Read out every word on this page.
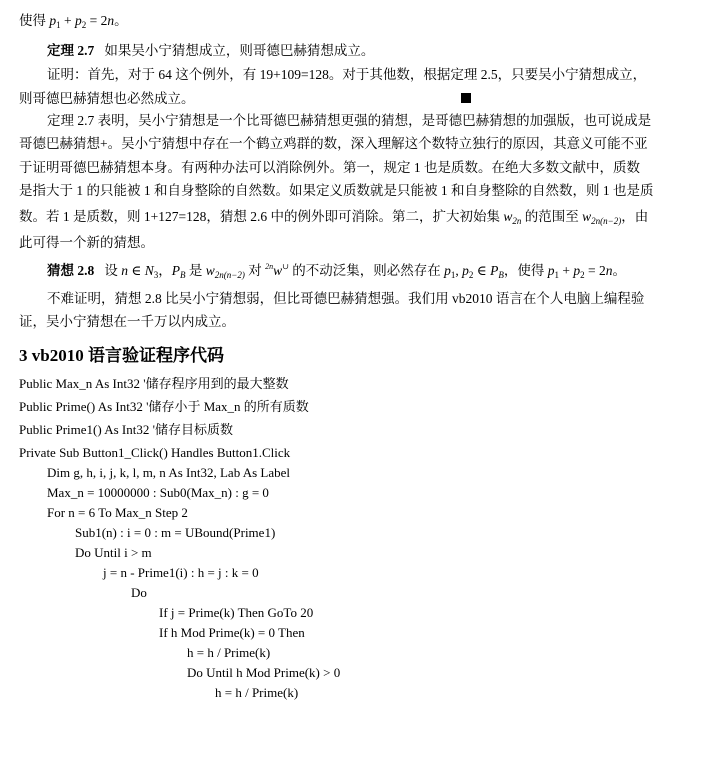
使得 $p_1 + p_2 = 2n$。
定理 2.7 如果吴小宁猜想成立，则哥德巴赫猜想成立。
证明：首先，对于 64 这个例外，有 19+109=128。对于其他数，根据定理 2.5，只要吴小宁猜想成立，
则哥德巴赫猜想也必然成立。
定理 2.7 表明，吴小宁猜想是一个比哥德巴赫猜想更强的猜想，是哥德巴赫猜想的加强版，也可说成是
哥德巴赫猜想+。吴小宁猜想中存在一个鹤立鸡群的数，深入理解这个数特立独行的原因，其意义可能不亚
于证明哥德巴赫猜想本身。有两种办法可以消除例外。第一，规定 1 也是质数。在绝大多数文献中，质数
是指大于 1 的只能被 1 和自身整除的自然数。如果定义质数就是只能被 1 和自身整除的自然数，则 1 也是质
数。若 1 是质数，则 1+127=128，猜想 2.6 中的例外即可消除。第二，扩大初始集 $w_{2n}$ 的范围至 $w_{2n(n-2)}$，由
此可得一个新的猜想。
猜想 2.8 设 n ∈ $N_3$，$P_B$ 是 $w_{2n(n-2)}$ 对 $^{2n}$w∪ 的不动泛集，则必然存在 $p_1$, $p_2$ ∈ $P_B$，使得 $p_1 + p_2 = 2n$。
不难证明，猜想 2.8 比吴小宁猜想弱，但比哥德巴赫猜想强。我们用 vb2010 语言在个人电脑上编程验
证，吴小宁猜想在一千万以内成立。
3 vb2010 语言验证程序代码
Public Max_n As Int32 '储存程序用到的最大整数
Public Prime() As Int32 '储存小于 Max_n 的所有质数
Public Prime1() As Int32 '储存目标质数
Private Sub Button1_Click() Handles Button1.Click
Dim g, h, i, j, k, l, m, n As Int32, Lab As Label
Max_n = 10000000 : Sub0(Max_n) : g = 0
For n = 6 To Max_n Step 2
Sub1(n) : i = 0 : m = UBound(Prime1)
Do Until i > m
j = n - Prime1(i) : h = j : k = 0
Do
If j = Prime(k) Then GoTo 20
If h Mod Prime(k) = 0 Then
h = h / Prime(k)
Do Until h Mod Prime(k) > 0
h = h / Prime(k)
